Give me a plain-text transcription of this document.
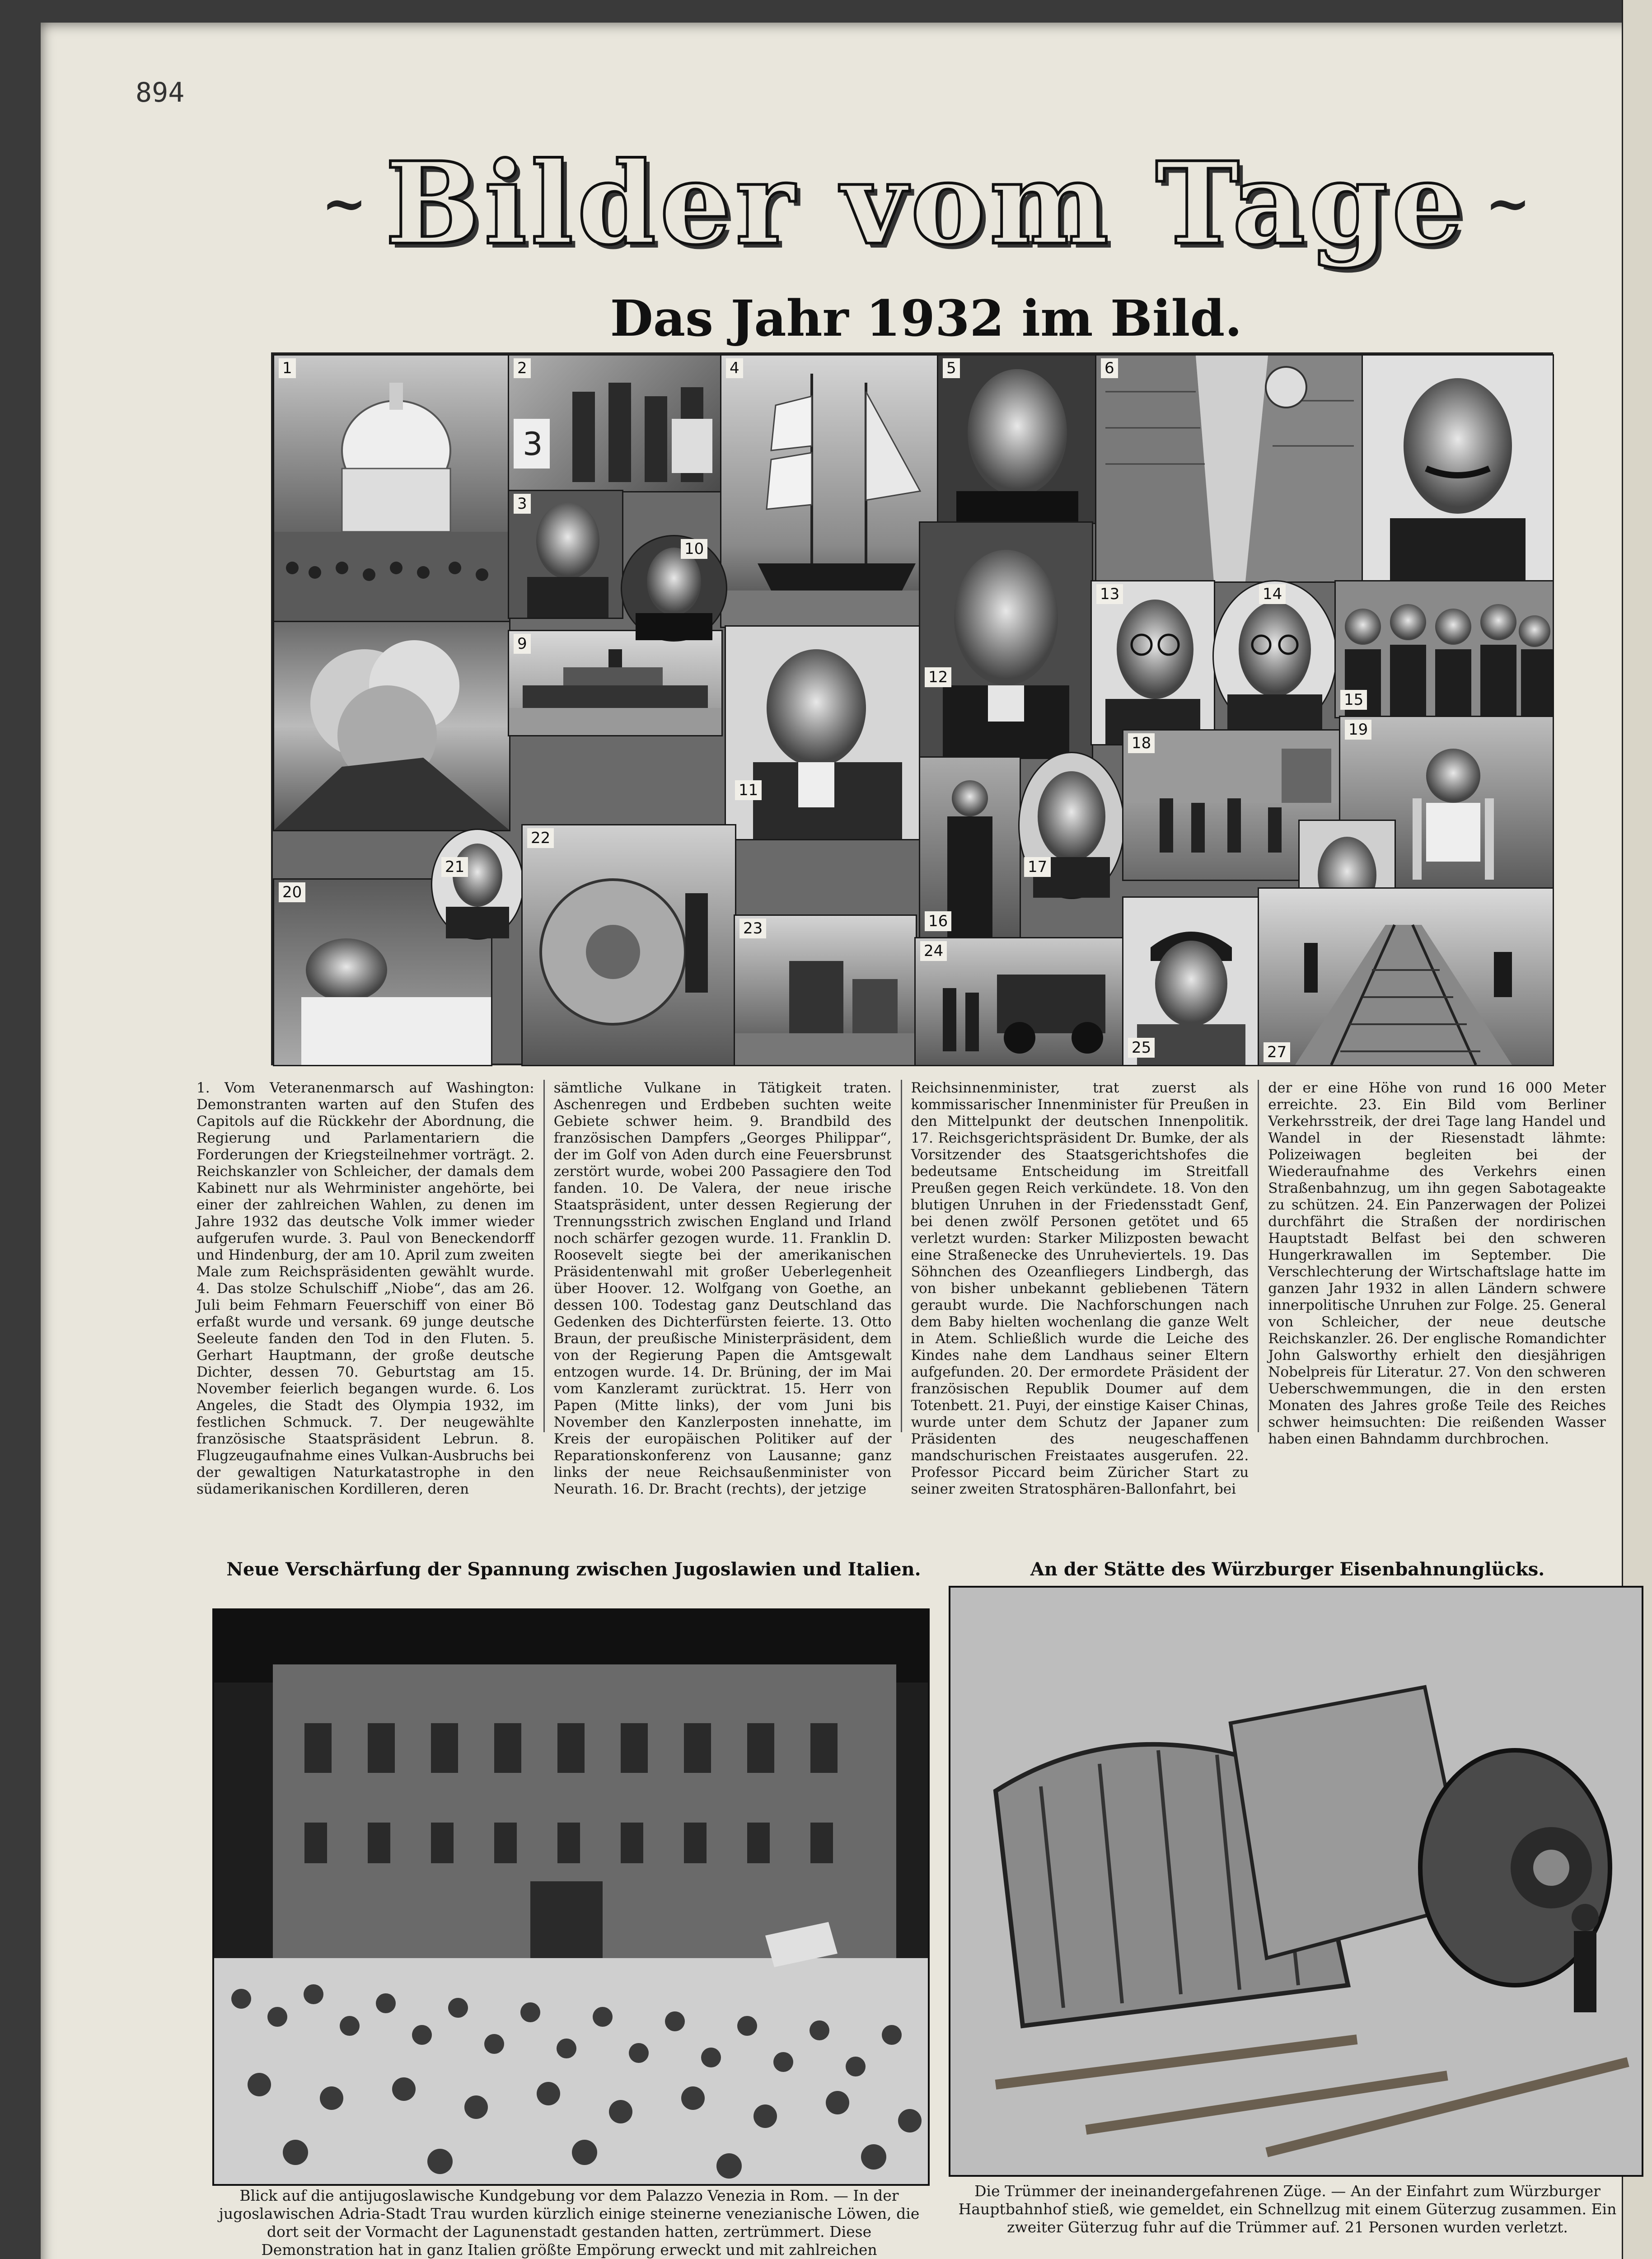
894
~ Bilder vom Tage ~
Das Jahr 1932 im Bild.
1
3
2
3
4	5	6
9
10
11
12
13	14
15
16
17
18
19
20
21
22
23
24
25	27
1. Vom Veteranenmarsch auf Washington: Demonstranten warten auf den Stufen des Capitols auf die Rückkehr der Abordnung, die Regierung und Parlamentariern die Forderungen der Kriegsteilnehmer vorträgt. 2. Reichskanzler von Schleicher, der damals dem Kabinett nur als Wehrminister angehörte, bei einer der zahlreichen Wahlen, zu denen im Jahre 1932 das deutsche Volk immer wieder aufgerufen wurde. 3. Paul von Beneckendorff und Hindenburg, der am 10. April zum zweiten Male zum Reichspräsidenten gewählt wurde. 4. Das stolze Schulschiff „Niobe“, das am 26. Juli beim Fehmarn Feuerschiff von einer Bö erfaßt wurde und versank. 69 junge deutsche Seeleute fanden den Tod in den Fluten. 5. Gerhart Hauptmann, der große deutsche Dichter, dessen 70. Geburtstag am 15. November feierlich begangen wurde. 6. Los Angeles, die Stadt des Olympia 1932, im festlichen Schmuck. 7. Der neugewählte französische Staatspräsident Lebrun. 8. Flugzeugaufnahme eines Vulkan-Ausbruchs bei der gewaltigen Naturkatastrophe in den südamerikanischen Kordilleren, deren
sämtliche Vulkane in Tätigkeit traten. Aschenregen und Erdbeben suchten weite Gebiete schwer heim. 9. Brandbild des französischen Dampfers „Georges Philippar“, der im Golf von Aden durch eine Feuersbrunst zerstört wurde, wobei 200 Passagiere den Tod fanden. 10. De Valera, der neue irische Staatspräsident, unter dessen Regierung der Trennungsstrich zwischen England und Irland noch schärfer gezogen wurde. 11. Franklin D. Roosevelt siegte bei der amerikanischen Präsidentenwahl mit großer Ueberlegenheit über Hoover. 12. Wolfgang von Goethe, an dessen 100. Todestag ganz Deutschland das Gedenken des Dichterfürsten feierte. 13. Otto Braun, der preußische Ministerpräsident, dem von der Regierung Papen die Amtsgewalt entzogen wurde. 14. Dr. Brüning, der im Mai vom Kanzleramt zurücktrat. 15. Herr von Papen (Mitte links), der vom Juni bis November den Kanzlerposten innehatte, im Kreis der europäischen Politiker auf der Reparationskonferenz von Lausanne; ganz links der neue Reichsaußenminister von Neurath. 16. Dr. Bracht (rechts), der jetzige
Reichsinnenminister, trat zuerst als kommissarischer Innenminister für Preußen in den Mittelpunkt der deutschen Innenpolitik. 17. Reichsgerichtspräsident Dr. Bumke, der als Vorsitzender des Staatsgerichtshofes die bedeutsame Entscheidung im Streitfall Preußen gegen Reich verkündete. 18. Von den blutigen Unruhen in der Friedensstadt Genf, bei denen zwölf Personen getötet und 65 verletzt wurden: Starker Milizposten bewacht eine Straßenecke des Unruheviertels. 19. Das Söhnchen des Ozeanfliegers Lindbergh, das von bisher unbekannt gebliebenen Tätern geraubt wurde. Die Nachforschungen nach dem Baby hielten wochenlang die ganze Welt in Atem. Schließlich wurde die Leiche des Kindes nahe dem Landhaus seiner Eltern aufgefunden. 20. Der ermordete Präsident der französischen Republik Doumer auf dem Totenbett. 21. Puyi, der einstige Kaiser Chinas, wurde unter dem Schutz der Japaner zum Präsidenten des neugeschaffenen mandschurischen Freistaates ausgerufen. 22. Professor Piccard beim Züricher Start zu seiner zweiten Stratosphären-Ballonfahrt, bei
der er eine Höhe von rund 16 000 Meter erreichte. 23. Ein Bild vom Berliner Verkehrsstreik, der drei Tage lang Handel und Wandel in der Riesenstadt lähmte: Polizeiwagen begleiten bei der Wiederaufnahme des Verkehrs einen Straßenbahnzug, um ihn gegen Sabotageakte zu schützen. 24. Ein Panzerwagen der Polizei durchfährt die Straßen der nordirischen Hauptstadt Belfast bei den schweren Hungerkrawallen im September. Die Verschlechterung der Wirtschaftslage hatte im ganzen Jahr 1932 in allen Ländern schwere innerpolitische Unruhen zur Folge. 25. General von Schleicher, der neue deutsche Reichskanzler. 26. Der englische Romandichter John Galsworthy erhielt den diesjährigen Nobelpreis für Literatur. 27. Von den schweren Ueberschwemmungen, die in den ersten Monaten des Jahres große Teile des Reiches schwer heimsuchten: Die reißenden Wasser haben einen Bahndamm durchbrochen.
Neue Verschärfung der Spannung zwischen Jugoslawien und Italien.	An der Stätte des Würzburger Eisenbahnunglücks.
Blick auf die antijugoslawische Kundgebung vor dem Palazzo Venezia in Rom. — In der jugoslawischen Adria-Stadt Trau wurden kürzlich einige steinerne venezianische Löwen, die dort seit der Vormacht der Lagunenstadt gestanden hatten, zertrümmert. Diese Demonstration hat in ganz Italien größte Empörung erweckt und mit zahlreichen
Die Trümmer der ineinandergefahrenen Züge. — An der Einfahrt zum Würzburger Hauptbahnhof stieß, wie gemeldet, ein Schnellzug mit einem Güterzug zusammen. Ein zweiter Güterzug fuhr auf die Trümmer auf. 21 Personen wurden verletzt.
